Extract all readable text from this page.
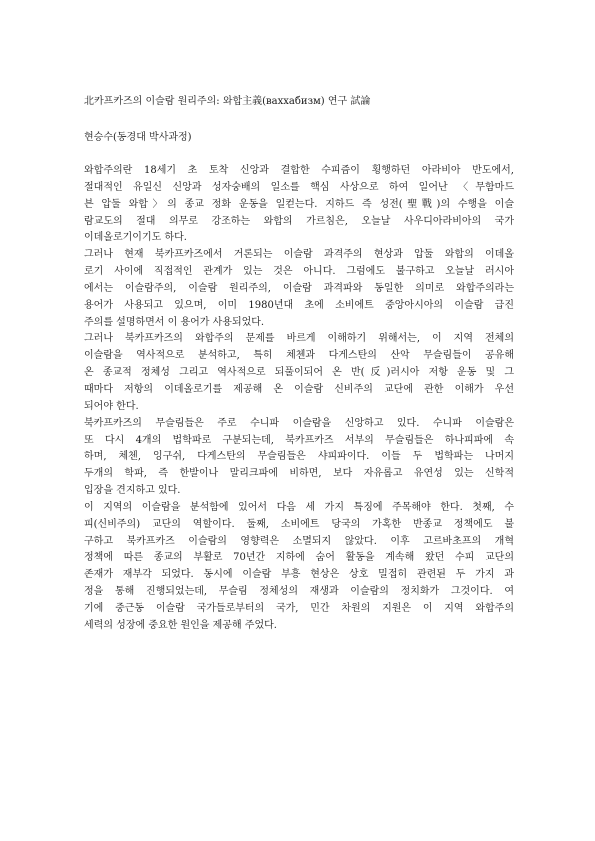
北카프카즈의 이슬람 원리주의: 와합主義(ваххабизм) 연구 試論
현승수(동경대 박사과정)
와합주의란 18세기 초 토착 신앙과 결합한 수피즘이 횡행하던 아라비아 반도에서,
절대적인 유일신 신앙과 성자숭배의 일소를 핵심 사상으로 하여 일어난 〈무함마드
븐 압둘 와합〉의 종교 정화 운동을 일컫는다. 지하드 즉 성전(聖戰)의 수행을 이슬
람교도의 절대 의무로 강조하는 와합의 가르침은, 오늘날 사우디아라비아의 국가
이데올로기이기도 하다.
그러나 현재 북카프카즈에서 거론되는 이슬람 과격주의 현상과 압둘 와합의 이데올
로기 사이에 직접적인 관계가 있는 것은 아니다. 그럼에도 불구하고 오늘날 러시아
에서는 이슬람주의, 이슬람 원리주의, 이슬람 과격파와 동일한 의미로 와합주의라는
용어가 사용되고 있으며, 이미 1980년대 초에 소비에트 중앙아시아의 이슬람 급진
주의를 설명하면서 이 용어가 사용되었다.
그러나 북카프카즈의 와합주의 문제를 바르게 이해하기 위해서는, 이 지역 전체의
이슬람을 역사적으로 분석하고, 특히 체첸과 다게스탄의 산악 무슬림들이 공유해
온 종교적 정체성 그리고 역사적으로 되풀이되어 온 반(反)러시아 저항 운동 및 그
때마다 저항의 이데올로기를 제공해 온 이슬람 신비주의 교단에 관한 이해가 우선
되어야 한다.
북카프카즈의 무슬림들은 주로 수니파 이슬람을 신앙하고 있다. 수니파 이슬람은
또 다시 4개의 법학파로 구분되는데, 북카프카즈 서부의 무슬림들은 하나피파에 속
하며, 체첸, 잉구쉬, 다게스탄의 무슬림들은 샤피파이다. 이들 두 법학파는 나머지
두개의 학파, 즉 한발이나 말리크파에 비하면, 보다 자유롭고 유연성 있는 신학적
입장을 견지하고 있다.
이 지역의 이슬람을 분석함에 있어서 다음 세 가지 특징에 주목해야 한다. 첫째, 수
피(신비주의) 교단의 역할이다. 둘째, 소비에트 당국의 가혹한 반종교 정책에도 불
구하고 북카프카즈 이슬람의 영향력은 소멸되지 않았다. 이후 고르바초프의 개혁
정책에 따른 종교의 부활로 70년간 지하에 숨어 활동을 계속해 왔던 수피 교단의
존재가 재부각 되었다. 동시에 이슬람 부흥 현상은 상호 밀접히 관련된 두 가지 과
정을 통해 진행되었는데, 무슬림 정체성의 재생과 이슬람의 정치화가 그것이다. 여
기에 중근동 이슬람 국가들로부터의 국가, 민간 차원의 지원은 이 지역 와합주의
세력의 성장에 중요한 원인을 제공해 주었다.
